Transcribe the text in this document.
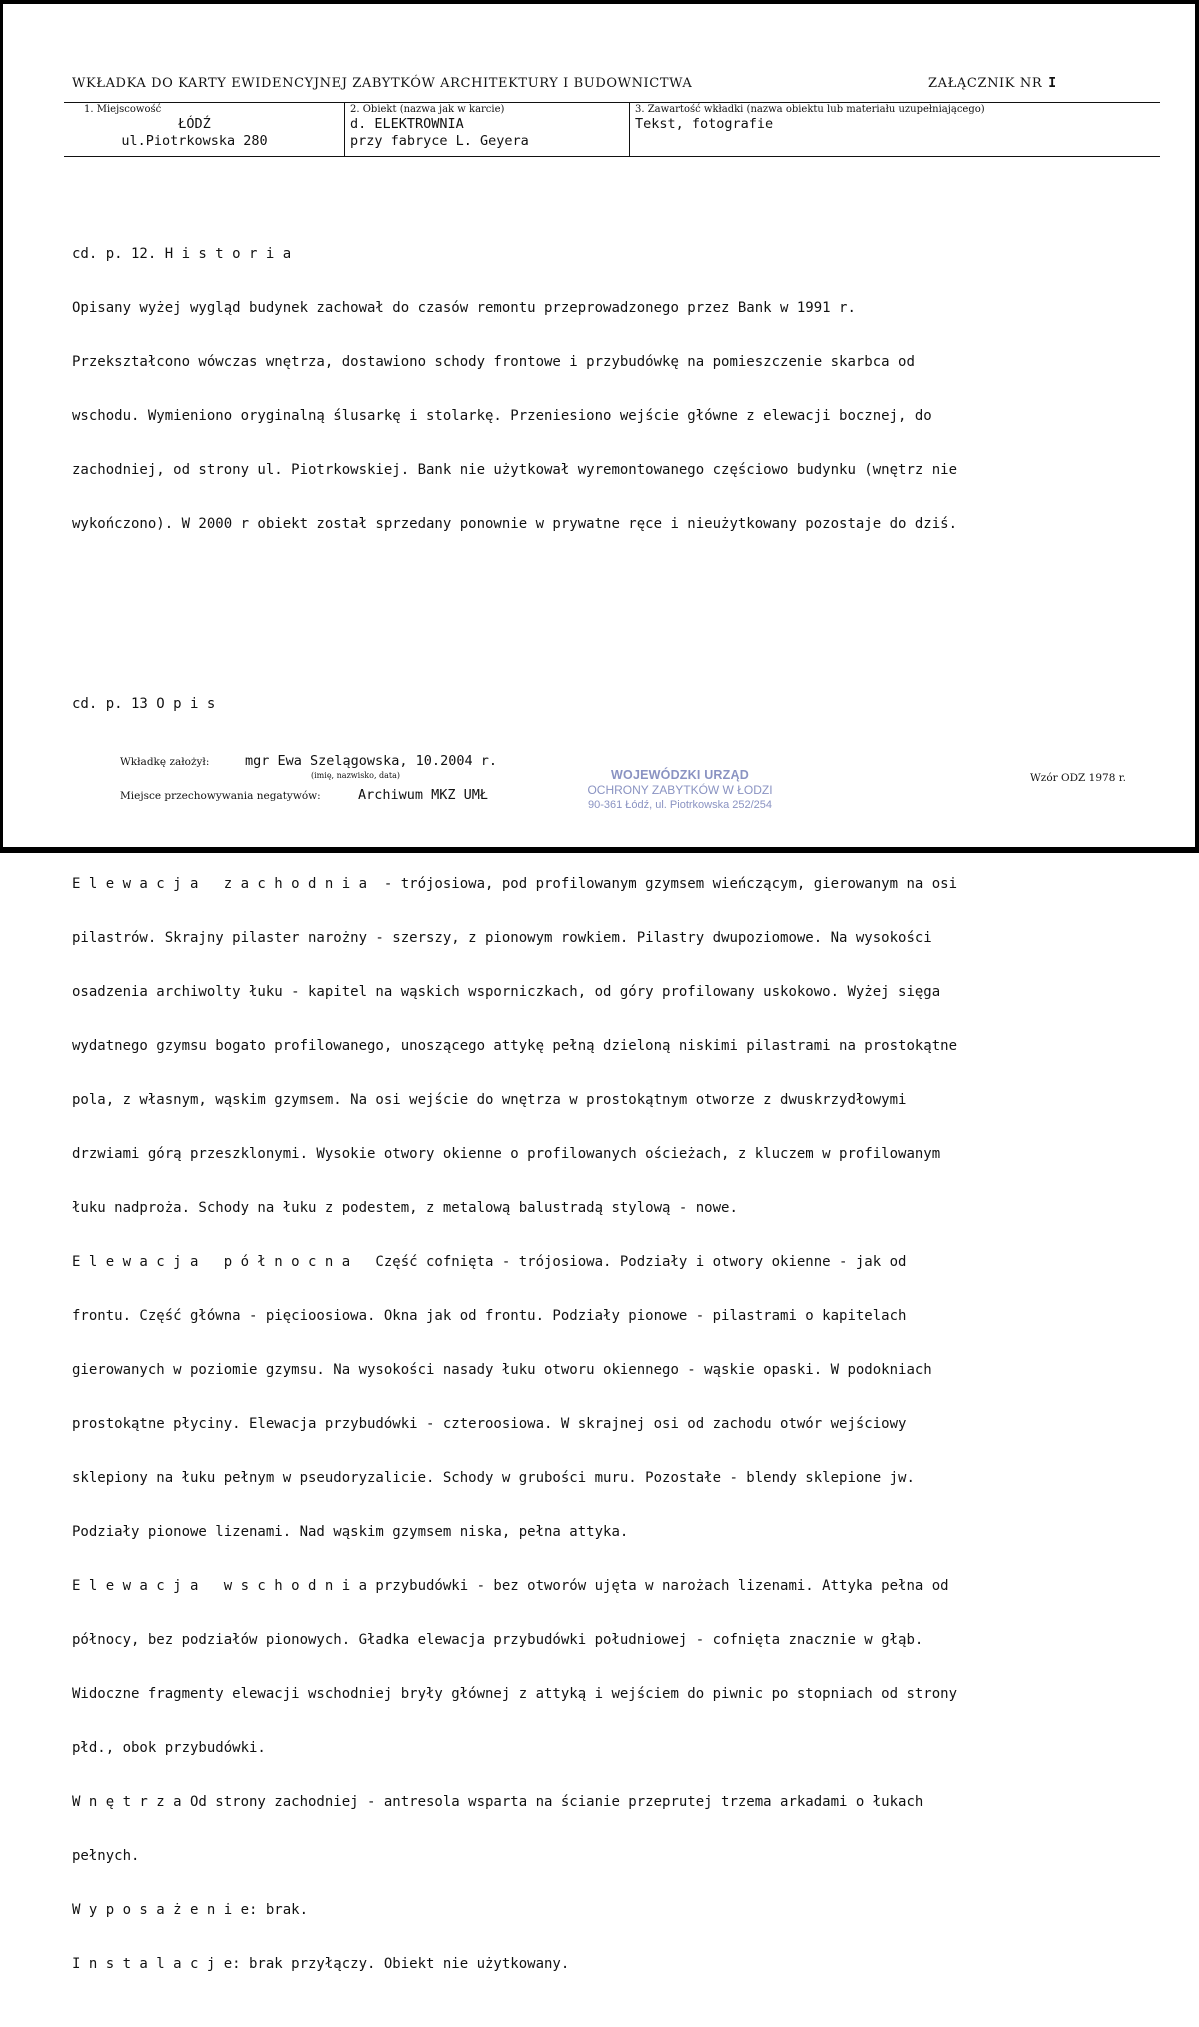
WKŁADKA DO KARTY EWIDENCYJNEJ ZABYTKÓW ARCHITEKTURY I BUDOWNICTWA	ZAŁĄCZNIK NR I
1. Miejscowość
ŁÓDŹ
ul.Piotrkowska 280
2. Obiekt (nazwa jak w karcie)
d. ELEKTROWNIA
przy fabryce L. Geyera
3. Zawartość wkładki (nazwa obiektu lub materiału uzupełniającego)
Tekst, fotografie

cd. p. 12. H i s t o r i a

Opisany wyżej wygląd budynek zachował do czasów remontu przeprowadzonego przez Bank w 1991 r.

Przekształcono wówczas wnętrza, dostawiono schody frontowe i przybudówkę na pomieszczenie skarbca od

wschodu. Wymieniono oryginalną ślusarkę i stolarkę. Przeniesiono wejście główne z elewacji bocznej, do

zachodniej, od strony ul. Piotrkowskiej. Bank nie użytkował wyremontowanego częściowo budynku (wnętrz nie

wykończono). W 2000 r obiekt został sprzedany ponownie w prywatne ręce i nieużytkowany pozostaje do dziś.

cd. p. 13 O p i s

E l e w a c j a   z a c h o d n i a  - trójosiowa, pod profilowanym gzymsem wieńczącym, gierowanym na osi

pilastrów. Skrajny pilaster narożny - szerszy, z pionowym rowkiem. Pilastry dwupoziomowe. Na wysokości

osadzenia archiwolty łuku - kapitel na wąskich wsporniczkach, od góry profilowany uskokowo. Wyżej sięga

wydatnego gzymsu bogato profilowanego, unoszącego attykę pełną dzieloną niskimi pilastrami na prostokątne

pola, z własnym, wąskim gzymsem. Na osi wejście do wnętrza w prostokątnym otworze z dwuskrzydłowymi

drzwiami górą przeszklonymi. Wysokie otwory okienne o profilowanych ościeżach, z kluczem w profilowanym

łuku nadproża. Schody na łuku z podestem, z metalową balustradą stylową - nowe.

E l e w a c j a   p ó ł n o c n a   Część cofnięta - trójosiowa. Podziały i otwory okienne - jak od

frontu. Część główna - pięcioosiowa. Okna jak od frontu. Podziały pionowe - pilastrami o kapitelach

gierowanych w poziomie gzymsu. Na wysokości nasady łuku otworu okiennego - wąskie opaski. W podokniach

prostokątne płyciny. Elewacja przybudówki - czteroosiowa. W skrajnej osi od zachodu otwór wejściowy

sklepiony na łuku pełnym w pseudoryzalicie. Schody w grubości muru. Pozostałe - blendy sklepione jw.

Podziały pionowe lizenami. Nad wąskim gzymsem niska, pełna attyka.

E l e w a c j a   w s c h o d n i a przybudówki - bez otworów ujęta w narożach lizenami. Attyka pełna od

północy, bez podziałów pionowych. Gładka elewacja przybudówki południowej - cofnięta znacznie w głąb.

Widoczne fragmenty elewacji wschodniej bryły głównej z attyką i wejściem do piwnic po stopniach od strony

płd., obok przybudówki.

W n ę t r z a Od strony zachodniej - antresola wsparta na ścianie przeprutej trzema arkadami o łukach

pełnych.

W y p o s a ż e n i e: brak.

I n s t a l a c j e: brak przyłączy. Obiekt nie użytkowany.

Wkładkę założył:	mgr Ewa Szelągowska, 10.2004 r.
(imię, nazwisko, data)
Miejsce przechowywania negatywów:	Archiwum MKZ UMŁ
Wzór ODZ 1978 r.
WOJEWÓDZKI URZĄD
OCHRONY ZABYTKÓW W ŁODZI
90-361 Łódź, ul. Piotrkowska 252/254
